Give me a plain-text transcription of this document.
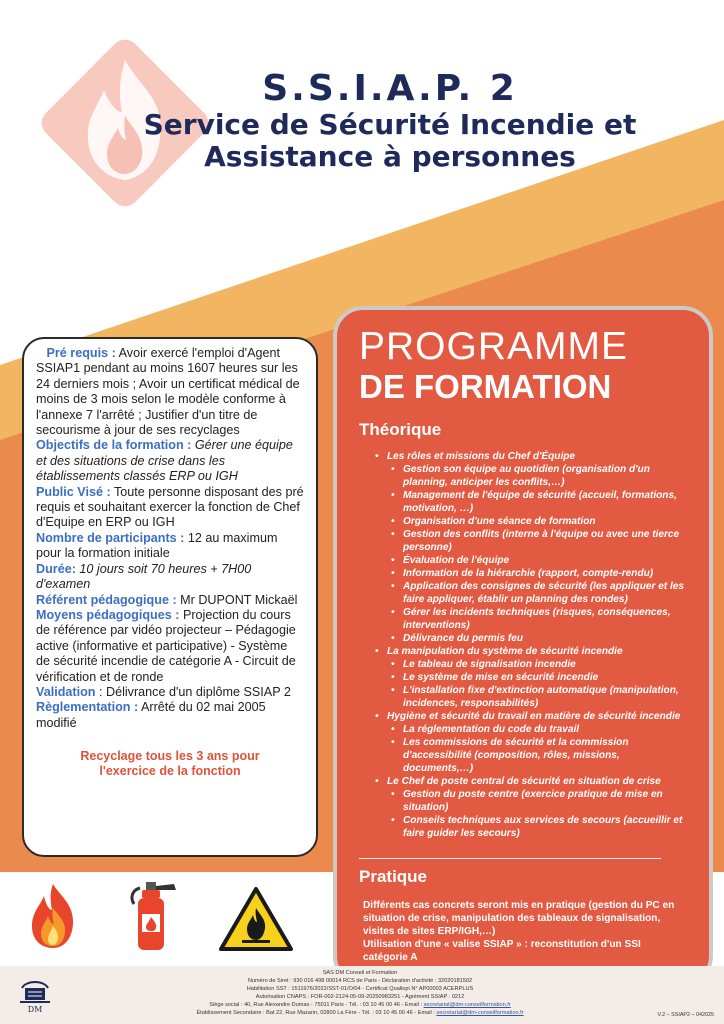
S.S.I.A.P. 2
Service de Sécurité Incendie et
Assistance à personnes
Pré requis : Avoir exercé l'emploi d'Agent SSIAP1 pendant au moins 1607 heures sur les 24 derniers mois ; Avoir un certificat médical de moins de 3 mois selon le modèle conforme à l'annexe 7 l'arrêté ; Justifier d'un titre de secourisme à jour de ses recyclages
Objectifs de la formation : Gérer une équipe et des situations de crise dans les établissements classés ERP ou IGH
Public Visé : Toute personne disposant des pré requis et souhaitant exercer la fonction de Chef d'Equipe en ERP ou IGH
Nombre de participants : 12 au maximum pour la formation initiale
Durée: 10 jours soit 70 heures + 7H00 d'examen
Référent pédagogique : Mr DUPONT Mickaël
Moyens pédagogiques : Projection du cours de référence par vidéo projecteur – Pédagogie active (informative et participative) - Système de sécurité incendie de catégorie A - Circuit de vérification et de ronde
Validation : Délivrance d'un diplôme SSIAP 2
Règlementation : Arrêté du 02 mai 2005 modifié
Recyclage tous les 3 ans pour
l'exercice de la fonction
PROGRAMME
DE FORMATION
Théorique
• Les rôles et missions du Chef d'Équipe
• Gestion son équipe au quotidien (organisation d'un planning, anticiper les conflits,…)
• Management de l'équipe de sécurité (accueil, formations, motivation, …)
• Organisation d'une séance de formation
• Gestion des conflits (interne à l'équipe ou avec une tierce personne)
• Évaluation de l'équipe
• Information de la hiérarchie (rapport, compte-rendu)
• Application des consignes de sécurité (les appliquer et les faire appliquer, établir un planning des rondes)
• Gérer les incidents techniques (risques, conséquences, interventions)
• Délivrance du permis feu
• La manipulation du système de sécurité incendie
• Le tableau de signalisation incendie
• Le système de mise en sécurité incendie
• L'installation fixe d'extinction automatique (manipulation, incidences, responsabilités)
• Hygiène et sécurité du travail en matière de sécurité incendie
• La réglementation du code du travail
• Les commissions de sécurité et la commission d'accessibilité (composition, rôles, missions, documents,…)
• Le Chef de poste central de sécurité en situation de crise
• Gestion du poste centre (exercice pratique de mise en situation)
• Conseils techniques aux services de secours (accueillir et faire guider les secours)
Pratique
Différents cas concrets seront mis en pratique (gestion du PC en situation de crise, manipulation des tableaux de signalisation, visites de sites ERP/IGH,…)
Utilisation d'une « valise SSIAP » : reconstitution d'un SSI catégorie A
DM
SAS DM Conseil et Formation
Numéro de Siret : 930 016 498 00014 RCS de Paris - Déclaration d'activité : 32020181502
Habilitation SST : 1511976/2022/SST-01/O/04 - Certificat Qualiopi N° AP00003 ACERPLUS
Autorisation CNAPS : FOR-002-2124-05-09-20250983251 - Agrément SSIAP : 0212
Siège social : 40, Rue Alexandre Dumas - 75011 Paris - Tél. : 03 10 45 00 46 - Email : secretariat@dm-conseilformation.fr
Établissement Secondaire : Bat 22, Rue Mazarin, 02800 La Fère - Tél. : 03 10 45 00 46 - Email : secretariat@dm-conseilformation.fr	V.2 – SSIAP2 – 042025
